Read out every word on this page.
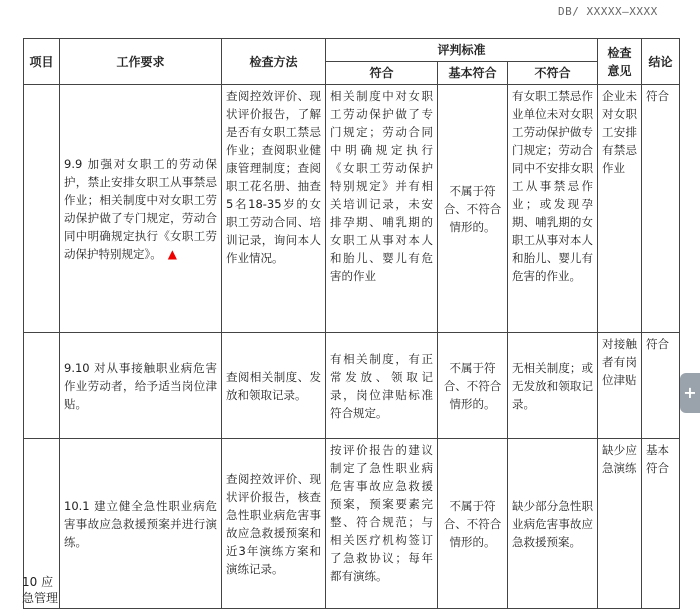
DB/ XXXXX—XXXX
项目	工作要求	检查方法	评判标准			检查意见	结论
			符合	基本符合	不符合		
	9.9 加强对女职工的劳动保护，禁止安排女职工从事禁忌作业；相关制度中对女职工劳动保护做了专门规定，劳动合同中明确规定执行《女职工劳动保护特别规定》。 ▲	查阅控效评价、现状评价报告，了解是否有女职工禁忌作业；查阅职业健康管理制度；查阅职工花名册、抽查5名18-35岁的女职工劳动合同、培训记录，询问本人作业情况。	相关制度中对女职工劳动保护做了专门规定；劳动合同中明确规定执行《女职工劳动保护特别规定》并有相关培训记录，未安排孕期、哺乳期的女职工从事对本人和胎儿、婴儿有危害的作业	不属于符合、不符合情形的。	有女职工禁忌作业单位未对女职工劳动保护做专门规定；劳动合同中不安排女职工从事禁忌作业；或发现孕期、哺乳期的女职工从事对本人和胎儿、婴儿有危害的作业。	企业未对女职工安排有禁忌作业	符合
	9.10 对从事接触职业病危害作业劳动者，给予适当岗位津贴。	查阅相关制度、发放和领取记录。	有相关制度，有正常发放、领取记录，岗位津贴标准符合规定。	不属于符合、不符合情形的。	无相关制度；或无发放和领取记录。	对接触者有岗位津贴	符合

10 应急管理	10.1 建立健全急性职业病危害事故应急救援预案并进行演练。	查阅控效评价、现状评价报告，核查急性职业病危害事故应急救援预案和近3年演练方案和演练记录。	按评价报告的建议制定了急性职业病危害事故应急救援预案，预案要素完整、符合规范；与相关医疗机构签订了急救协议；每年都有演练。	不属于符合、不符合情形的。	缺少部分急性职业病危害事故应急救援预案。	缺少应急演练	基本符合
+
